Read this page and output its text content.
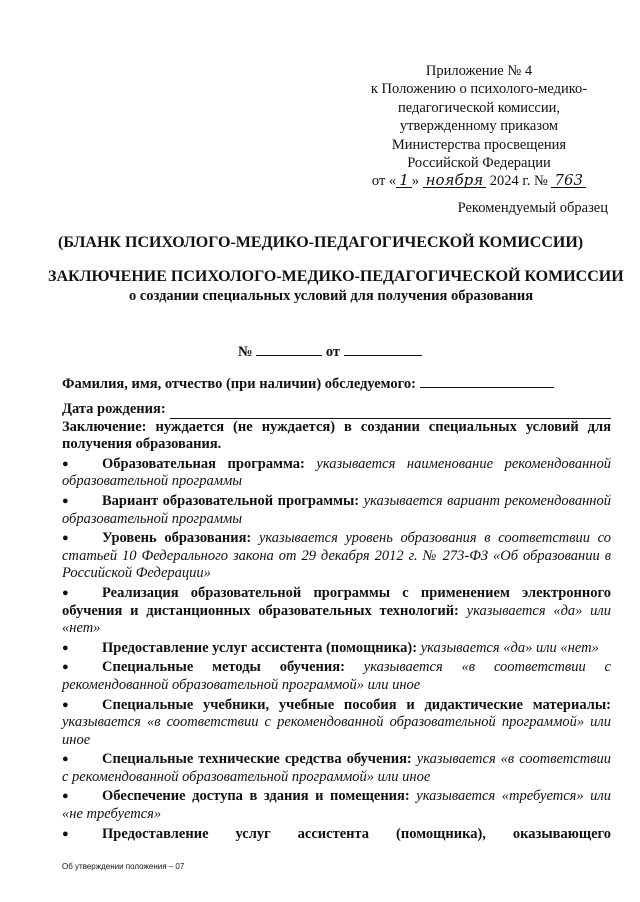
Приложение № 4
к Положению о психолого-медико-
педагогической комиссии,
утвержденному приказом
Министерства просвещения
Российской Федерации
от « 1 » ноября 2024 г. № 763
Рекомендуемый образец
(БЛАНК ПСИХОЛОГО-МЕДИКО-ПЕДАГОГИЧЕСКОЙ КОМИССИИ)
ЗАКЛЮЧЕНИЕ ПСИХОЛОГО-МЕДИКО-ПЕДАГОГИЧЕСКОЙ КОМИССИИ
о создании специальных условий для получения образования
№	от
Фамилия, имя, отчество (при наличии) обследуемого:
Дата рождения:

Заключение: нуждается (не нуждается) в создании специальных условий для получения образования.

● Образовательная программа: указывается наименование рекомендованной образовательной программы

● Вариант образовательной программы: указывается вариант рекомендованной образовательной программы

● Уровень образования: указывается уровень образования в соответствии со статьей 10 Федерального закона от 29 декабря 2012 г. № 273-ФЗ «Об образовании в Российской Федерации»

● Реализация образовательной программы с применением электронного обучения и дистанционных образовательных технологий: указывается «да» или «нет»

● Предоставление услуг ассистента (помощника): указывается «да» или «нет»

● Специальные методы обучения: указывается «в соответствии с рекомендованной образовательной программой» или иное

● Специальные учебники, учебные пособия и дидактические материалы: указывается «в соответствии с рекомендованной образовательной программой» или иное

● Специальные технические средства обучения: указывается «в соответствии с рекомендованной образовательной программой» или иное

● Обеспечение доступа в здания и помещения: указывается «требуется» или «не требуется»

● Предоставление услуг ассистента (помощника), оказывающего

Об утверждении положения – 07
